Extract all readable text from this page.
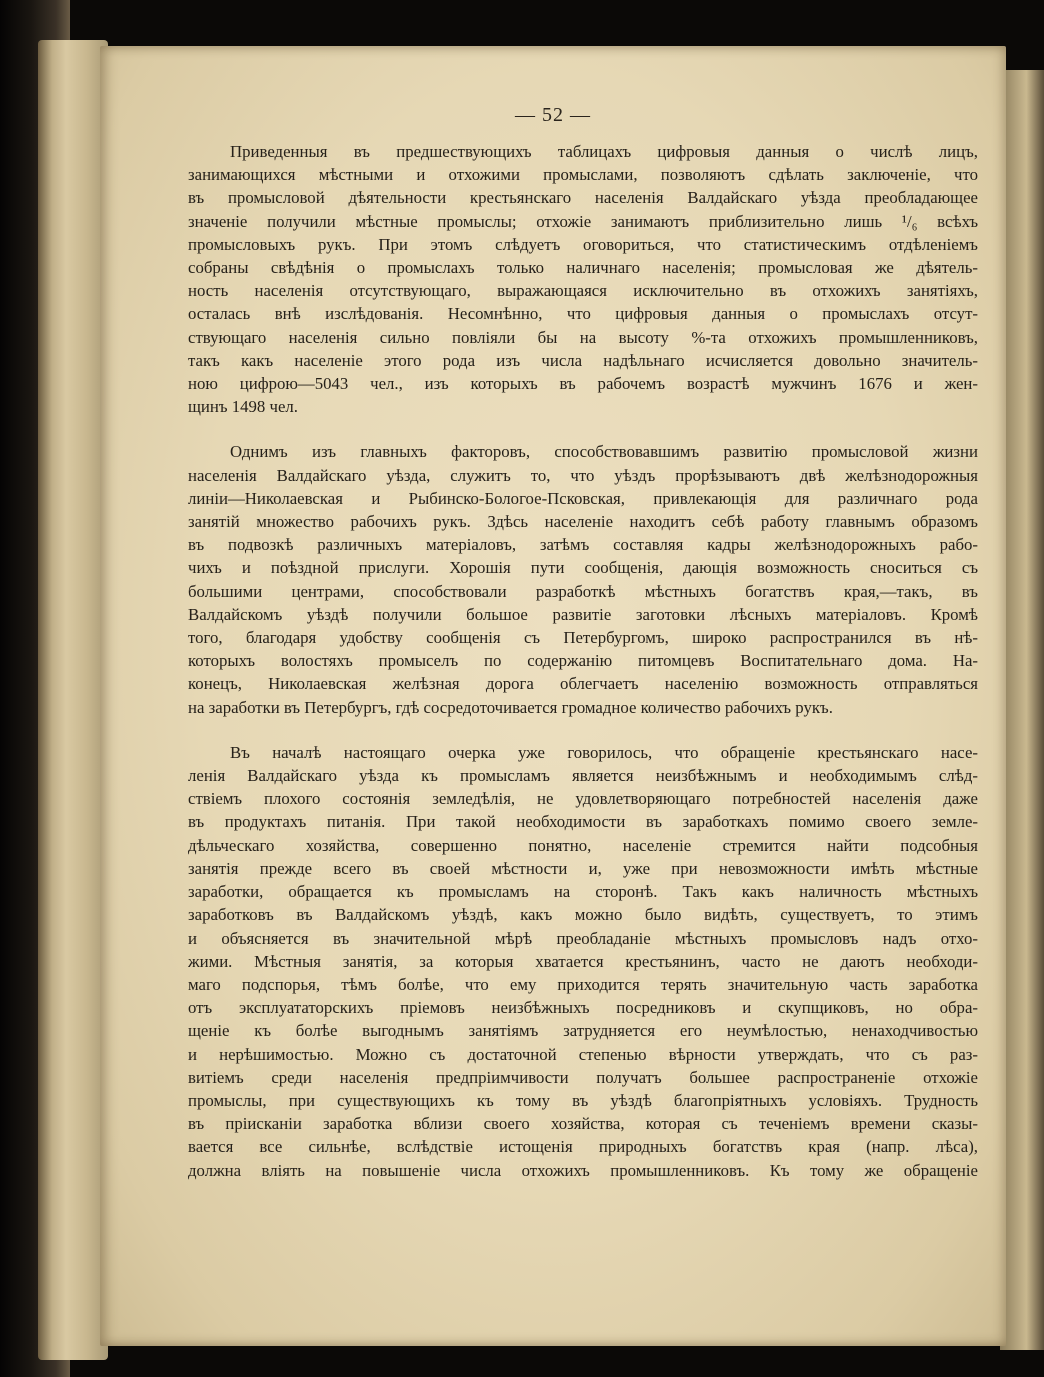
— 52 —
Приведенныя въ предшествующихъ таблицахъ цифровыя данныя о числѣ лицъ,
занимающихся мѣстными и отхожими промыслами, позволяютъ сдѣлать заключеніе, что
въ промысловой дѣятельности крестьянскаго населенія Валдайскаго уѣзда преобладающее
значеніе получили мѣстные промыслы; отхожіе занимаютъ приблизительно лишь ¹/₆ всѣхъ
промысловыхъ рукъ. При этомъ слѣдуетъ оговориться, что статистическимъ отдѣленіемъ
собраны свѣдѣнія о промыслахъ только наличнаго населенія; промысловая же дѣятель-
ность населенія отсутствующаго, выражающаяся исключительно въ отхожихъ занятіяхъ,
осталась внѣ изслѣдованія. Несомнѣнно, что цифровыя данныя о промыслахъ отсут-
ствующаго населенія сильно повліяли бы на высоту %-та отхожихъ промышленниковъ,
такъ какъ населеніе этого рода изъ числа надѣльнаго исчисляется довольно значитель-
ною цифрою—5043 чел., изъ которыхъ въ рабочемъ возрастѣ мужчинъ 1676 и жен-
щинъ 1498 чел.
Однимъ изъ главныхъ факторовъ, способствовавшимъ развитію промысловой жизни
населенія Валдайскаго уѣзда, служитъ то, что уѣздъ прорѣзываютъ двѣ желѣзнодорожныя
линіи—Николаевская и Рыбинско-Бологое-Псковская, привлекающія для различнаго рода
занятій множество рабочихъ рукъ. Здѣсь населеніе находитъ себѣ работу главнымъ образомъ
въ подвозкѣ различныхъ матеріаловъ, затѣмъ составляя кадры желѣзнодорожныхъ рабо-
чихъ и поѣздной прислуги. Хорошія пути сообщенія, дающія возможность сноситься съ
большими центрами, способствовали разработкѣ мѣстныхъ богатствъ края,—такъ, въ
Валдайскомъ уѣздѣ получили большое развитіе заготовки лѣсныхъ матеріаловъ. Кромѣ
того, благодаря удобству сообщенія съ Петербургомъ, широко распространился въ нѣ-
которыхъ волостяхъ промыселъ по содержанію питомцевъ Воспитательнаго дома. На-
конецъ, Николаевская желѣзная дорога облегчаетъ населенію возможность отправляться
на заработки въ Петербургъ, гдѣ сосредоточивается громадное количество рабочихъ рукъ.
Въ началѣ настоящаго очерка уже говорилось, что обращеніе крестьянскаго насе-
ленія Валдайскаго уѣзда къ промысламъ является неизбѣжнымъ и необходимымъ слѣд-
ствіемъ плохого состоянія земледѣлія, не удовлетворяющаго потребностей населенія даже
въ продуктахъ питанія. При такой необходимости въ заработкахъ помимо своего земле-
дѣльческаго хозяйства, совершенно понятно, населеніе стремится найти подсобныя
занятія прежде всего въ своей мѣстности и, уже при невозможности имѣть мѣстные
заработки, обращается къ промысламъ на сторонѣ. Такъ какъ наличность мѣстныхъ
заработковъ въ Валдайскомъ уѣздѣ, какъ можно было видѣть, существуетъ, то этимъ
и объясняется въ значительной мѣрѣ преобладаніе мѣстныхъ промысловъ надъ отхо-
жими. Мѣстныя занятія, за которыя хватается крестьянинъ, часто не даютъ необходи-
маго подспорья, тѣмъ болѣе, что ему приходится терять значительную часть заработка
отъ эксплуататорскихъ пріемовъ неизбѣжныхъ посредниковъ и скупщиковъ, но обра-
щеніе къ болѣе выгоднымъ занятіямъ затрудняется его неумѣлостью, ненаходчивостью
и нерѣшимостью. Можно съ достаточной степенью вѣрности утверждать, что съ раз-
витіемъ среди населенія предпріимчивости получатъ большее распространеніе отхожіе
промыслы, при существующихъ къ тому въ уѣздѣ благопріятныхъ условіяхъ. Трудность
въ пріисканіи заработка вблизи своего хозяйства, которая съ теченіемъ времени сказы-
вается все сильнѣе, вслѣдствіе истощенія природныхъ богатствъ края (напр. лѣса),
должна вліять на повышеніе числа отхожихъ промышленниковъ. Къ тому же обращеніе
